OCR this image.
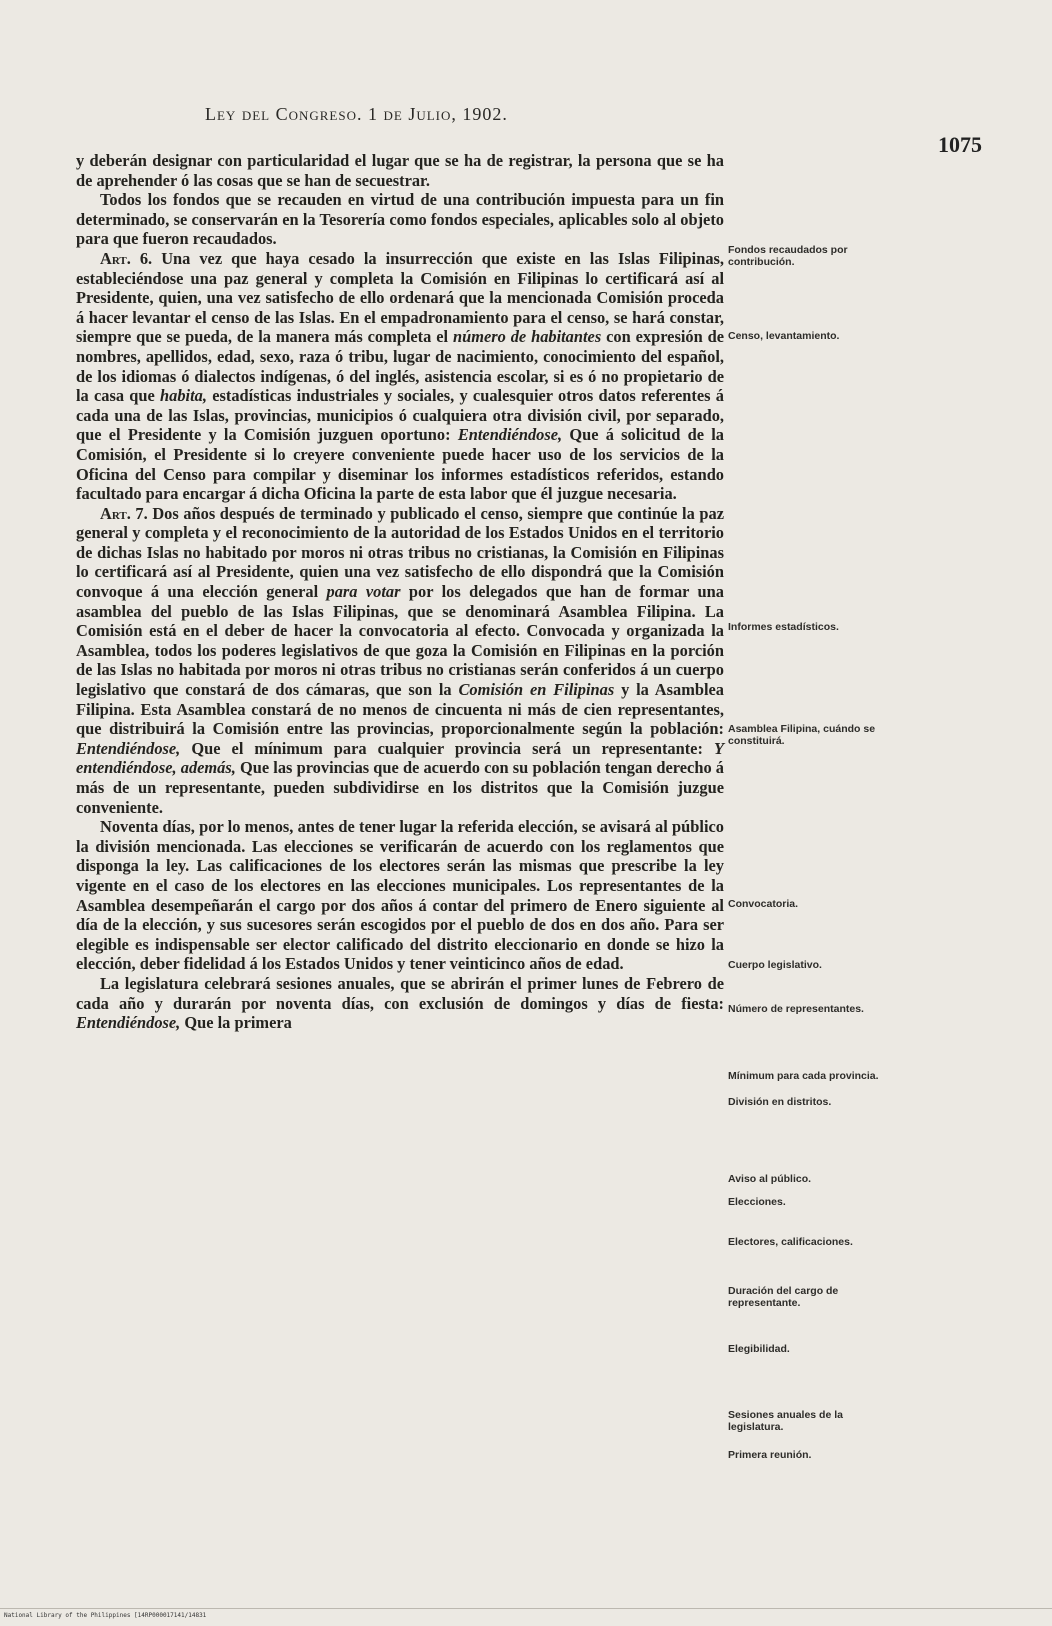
Ley del Congreso. 1 de Julio, 1902.
1075

y deberán designar con particularidad el lugar que se ha de registrar, la persona que se ha de aprehender ó las cosas que se han de secuestrar.

Todos los fondos que se recauden en virtud de una contribución impuesta para un fin determinado, se conservarán en la Tesorería como fondos especiales, aplicables solo al objeto para que fueron recaudados.

Art. 6. Una vez que haya cesado la insurrección que existe en las Islas Filipinas, estableciéndose una paz general y completa la Comisión en Filipinas lo certificará así al Presidente, quien, una vez satisfecho de ello ordenará que la mencionada Comisión proceda á hacer levantar el censo de las Islas. En el empadronamiento para el censo, se hará constar, siempre que se pueda, de la manera más completa el número de habitantes con expresión de nombres, apellidos, edad, sexo, raza ó tribu, lugar de nacimiento, conocimiento del español, de los idiomas ó dialectos indígenas, ó del inglés, asistencia escolar, si es ó no propietario de la casa que habita, estadísticas industriales y sociales, y cualesquier otros datos referentes á cada una de las Islas, provincias, municipios ó cualquiera otra división civil, por separado, que el Presidente y la Comisión juzguen oportuno: Entendiéndose, Que á solicitud de la Comisión, el Presidente si lo creyere conveniente puede hacer uso de los servicios de la Oficina del Censo para compilar y diseminar los informes estadísticos referidos, estando facultado para encargar á dicha Oficina la parte de esta labor que él juzgue necesaria.

Art. 7. Dos años después de terminado y publicado el censo, siempre que continúe la paz general y completa y el reconocimiento de la autoridad de los Estados Unidos en el territorio de dichas Islas no habitado por moros ni otras tribus no cristianas, la Comisión en Filipinas lo certificará así al Presidente, quien una vez satisfecho de ello dispondrá que la Comisión convoque á una elección general para votar por los delegados que han de formar una asamblea del pueblo de las Islas Filipinas, que se denominará Asamblea Filipina. La Comisión está en el deber de hacer la convocatoria al efecto. Convocada y organizada la Asamblea, todos los poderes legislativos de que goza la Comisión en Filipinas en la porción de las Islas no habitada por moros ni otras tribus no cristianas serán conferidos á un cuerpo legislativo que constará de dos cámaras, que son la Comisión en Filipinas y la Asamblea Filipina. Esta Asamblea constará de no menos de cincuenta ni más de cien representantes, que distribuirá la Comisión entre las provincias, proporcionalmente según la población: Entendiéndose, Que el mínimum para cualquier provincia será un representante: Y entendiéndose, además, Que las provincias que de acuerdo con su población tengan derecho á más de un representante, pueden subdividirse en los distritos que la Comisión juzgue conveniente.

Noventa días, por lo menos, antes de tener lugar la referida elección, se avisará al público la división mencionada. Las elecciones se verificarán de acuerdo con los reglamentos que disponga la ley. Las calificaciones de los electores serán las mismas que prescribe la ley vigente en el caso de los electores en las elecciones municipales. Los representantes de la Asamblea desempeñarán el cargo por dos años á contar del primero de Enero siguiente al día de la elección, y sus sucesores serán escogidos por el pueblo de dos en dos año. Para ser elegible es indispensable ser elector calificado del distrito eleccionario en donde se hizo la elección, deber fidelidad á los Estados Unidos y tener veinticinco años de edad.

La legislatura celebrará sesiones anuales, que se abrirán el primer lunes de Febrero de cada año y durarán por noventa días, con exclusión de domingos y días de fiesta: Entendiéndose, Que la primera

Fondos recaudados por contribución.
Censo, levantamiento.
Informes estadísticos.
Asamblea Filipina, cuándo se constituirá.
Convocatoria.
Cuerpo legislativo.
Número de representantes.
Mínimum para cada provincia.
División en distritos.
Aviso al público.
Elecciones.
Electores, calificaciones.
Duración del cargo de representante.
Elegibilidad.
Sesiones anuales de la legislatura.
Primera reunión.
National Library of the Philippines [14RP000017141/14831
